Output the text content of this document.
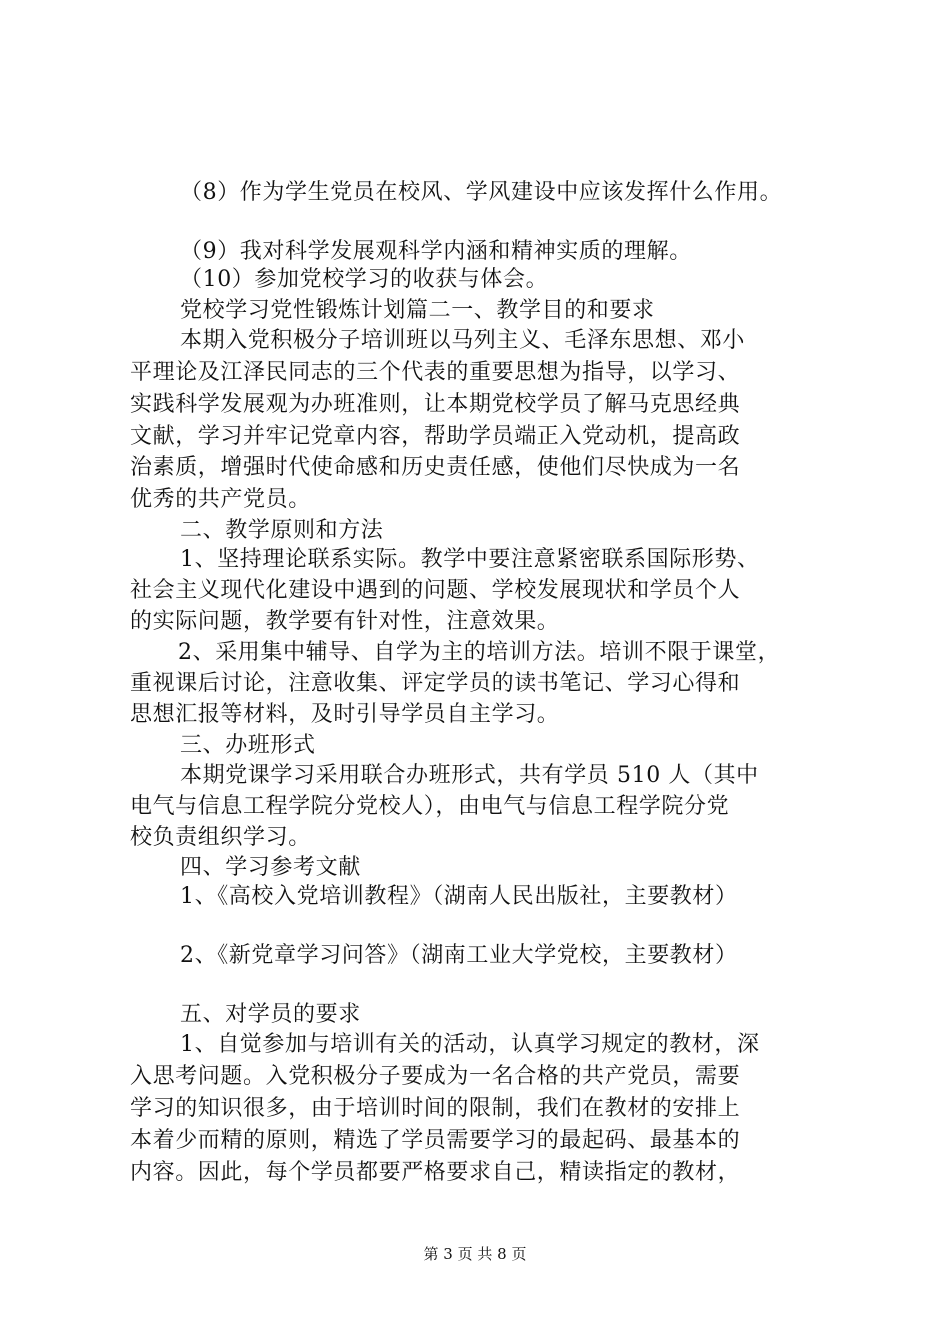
（8）作为学生党员在校风、学风建设中应该发挥什么作用。
（9）我对科学发展观科学内涵和精神实质的理解。
（10）参加党校学习的收获与体会。
党校学习党性锻炼计划篇二一、教学目的和要求
本期入党积极分子培训班以马列主义、毛泽东思想、邓小
平理论及江泽民同志的三个代表的重要思想为指导，以学习、
实践科学发展观为办班准则，让本期党校学员了解马克思经典
文献，学习并牢记党章内容，帮助学员端正入党动机，提高政
治素质，增强时代使命感和历史责任感，使他们尽快成为一名
优秀的共产党员。
二、教学原则和方法
1、坚持理论联系实际。教学中要注意紧密联系国际形势、
社会主义现代化建设中遇到的问题、学校发展现状和学员个人
的实际问题，教学要有针对性，注意效果。
2、采用集中辅导、自学为主的培训方法。培训不限于课堂，
重视课后讨论，注意收集、评定学员的读书笔记、学习心得和
思想汇报等材料，及时引导学员自主学习。
三、办班形式
本期党课学习采用联合办班形式，共有学员 510 人（其中
电气与信息工程学院分党校人），由电气与信息工程学院分党
校负责组织学习。
四、学习参考文献
1、《高校入党培训教程》（湖南人民出版社，主要教材）
2、《新党章学习问答》（湖南工业大学党校，主要教材）
五、对学员的要求
1、自觉参加与培训有关的活动，认真学习规定的教材，深
入思考问题。入党积极分子要成为一名合格的共产党员，需要
学习的知识很多，由于培训时间的限制，我们在教材的安排上
本着少而精的原则，精选了学员需要学习的最起码、最基本的
内容。因此，每个学员都要严格要求自己，精读指定的教材，
第 3 页 共 8 页
